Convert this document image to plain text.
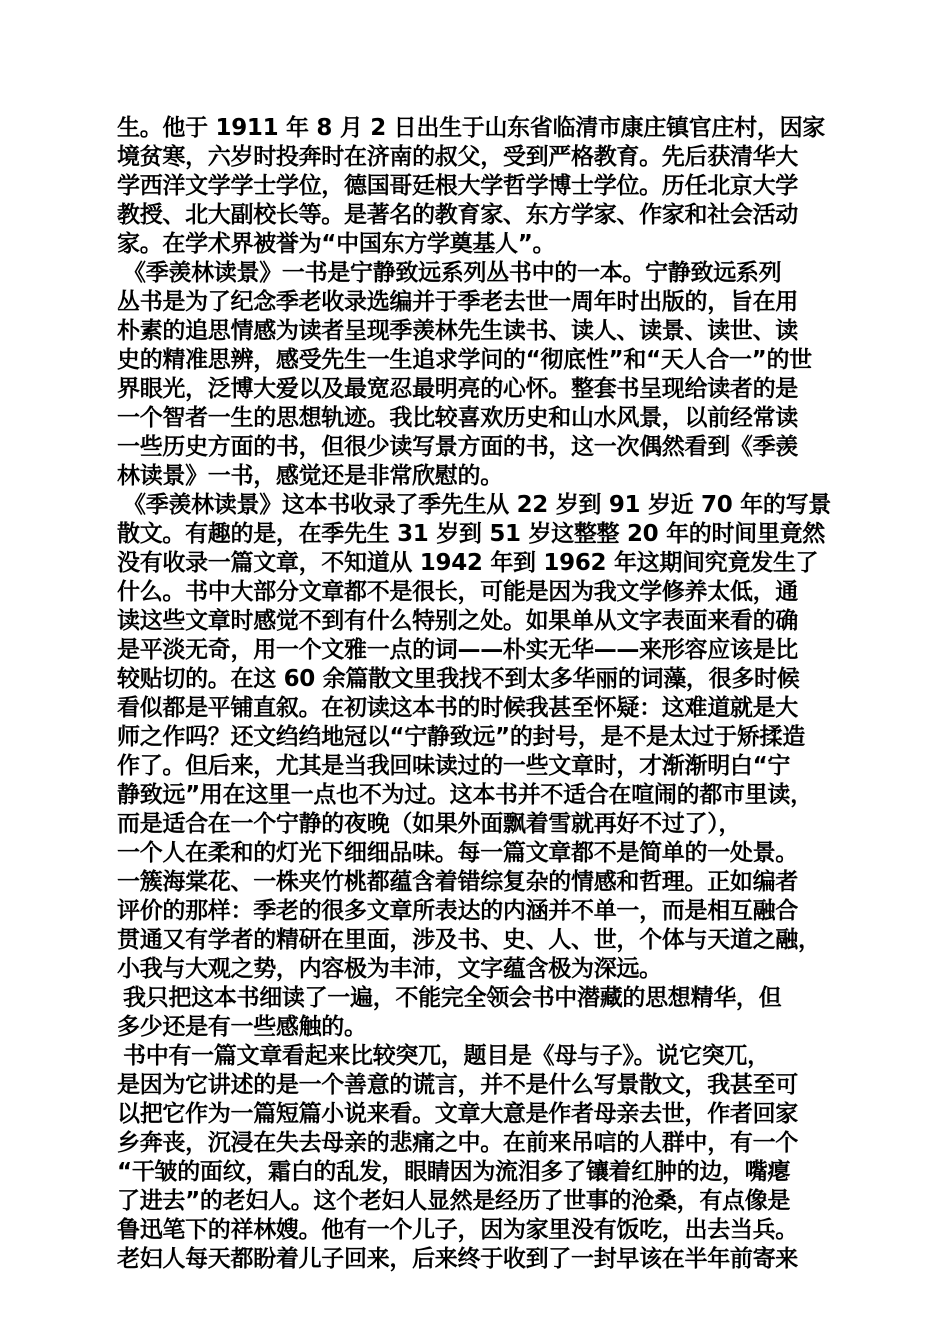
生。他于 1911 年 8 月 2 日出生于山东省临清市康庄镇官庄村，因家
境贫寒，六岁时投奔时在济南的叔父，受到严格教育。先后获清华大
学西洋文学学士学位，德国哥廷根大学哲学博士学位。历任北京大学
教授、北大副校长等。是著名的教育家、东方学家、作家和社会活动
家。在学术界被誉为“中国东方学奠基人”。
《季羡林读景》一书是宁静致远系列丛书中的一本。宁静致远系列
丛书是为了纪念季老收录选编并于季老去世一周年时出版的，旨在用
朴素的追思情感为读者呈现季羡林先生读书、读人、读景、读世、读
史的精准思辨，感受先生一生追求学问的“彻底性”和“天人合一”的世
界眼光，泛博大爱以及最宽忍最明亮的心怀。整套书呈现给读者的是
一个智者一生的思想轨迹。我比较喜欢历史和山水风景，以前经常读
一些历史方面的书，但很少读写景方面的书，这一次偶然看到《季羡
林读景》一书，感觉还是非常欣慰的。
《季羡林读景》这本书收录了季先生从 22 岁到 91 岁近 70 年的写景
散文。有趣的是，在季先生 31 岁到 51 岁这整整 20 年的时间里竟然
没有收录一篇文章，不知道从 1942 年到 1962 年这期间究竟发生了
什么。书中大部分文章都不是很长，可能是因为我文学修养太低，通
读这些文章时感觉不到有什么特别之处。如果单从文字表面来看的确
是平淡无奇，用一个文雅一点的词——朴实无华——来形容应该是比
较贴切的。在这 60 余篇散文里我找不到太多华丽的词藻，很多时候
看似都是平铺直叙。在初读这本书的时候我甚至怀疑：这难道就是大
师之作吗？还文绉绉地冠以“宁静致远”的封号，是不是太过于矫揉造
作了。但后来，尤其是当我回味读过的一些文章时，才渐渐明白“宁
静致远”用在这里一点也不为过。这本书并不适合在喧闹的都市里读，
而是适合在一个宁静的夜晚（如果外面飘着雪就再好不过了），
一个人在柔和的灯光下细细品味。每一篇文章都不是简单的一处景。
一簇海棠花、一株夹竹桃都蕴含着错综复杂的情感和哲理。正如编者
评价的那样：季老的很多文章所表达的内涵并不单一，而是相互融合
贯通又有学者的精研在里面，涉及书、史、人、世，个体与天道之融，
小我与大观之势，内容极为丰沛，文字蕴含极为深远。
我只把这本书细读了一遍，不能完全领会书中潜藏的思想精华，但
多少还是有一些感触的。
书中有一篇文章看起来比较突兀，题目是《母与子》。说它突兀，
是因为它讲述的是一个善意的谎言，并不是什么写景散文，我甚至可
以把它作为一篇短篇小说来看。文章大意是作者母亲去世，作者回家
乡奔丧，沉浸在失去母亲的悲痛之中。在前来吊唁的人群中，有一个
“干皱的面纹，霜白的乱发，眼睛因为流泪多了镶着红肿的边，嘴瘪
了进去”的老妇人。这个老妇人显然是经历了世事的沧桑，有点像是
鲁迅笔下的祥林嫂。他有一个儿子，因为家里没有饭吃，出去当兵。
老妇人每天都盼着儿子回来，后来终于收到了一封早该在半年前寄来
